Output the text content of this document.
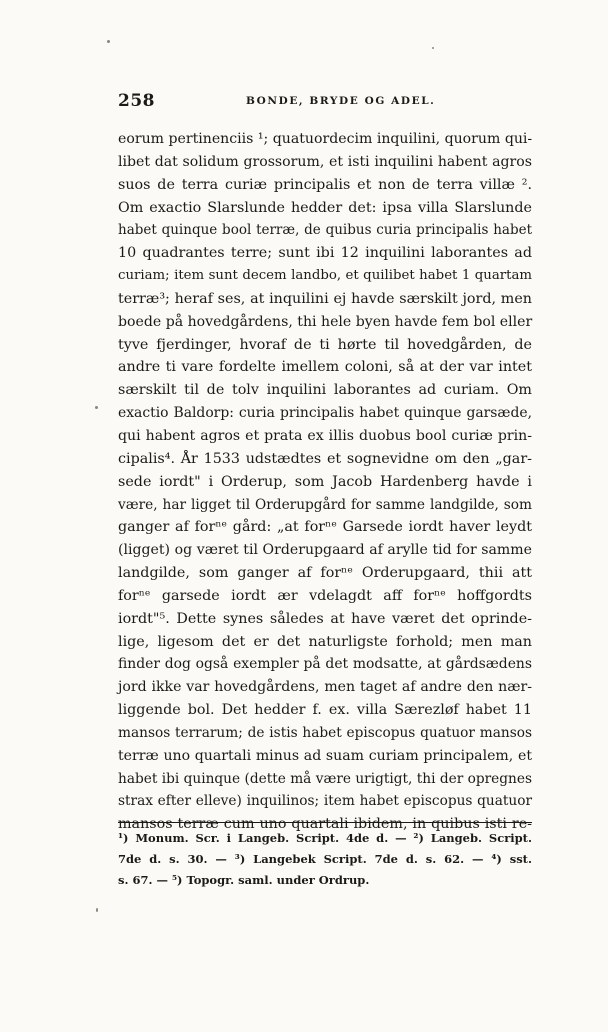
258	BONDE, BRYDE OG ADEL.
eorum pertinenciis ¹; quatuordecim inquilini, quorum qui-
libet dat solidum grossorum, et isti inquilini habent agros
suos de terra curiæ principalis et non de terra villæ ².
Om exactio Slarslunde hedder det: ipsa villa Slarslunde
habet quinque bool terræ, de quibus curia principalis habet
10 quadrantes terre; sunt ibi 12 inquilini laborantes ad
curiam; item sunt decem landbo, et quilibet habet 1 quartam
terræ³; heraf ses, at inquilini ej havde særskilt jord, men
boede på hovedgårdens, thi hele byen havde fem bol eller
tyve fjerdinger, hvoraf de ti hørte til hovedgården, de
andre ti vare fordelte imellem coloni, så at der var intet
særskilt til de tolv inquilini laborantes ad curiam. Om
exactio Baldorp: curia principalis habet quinque garsæde,
qui habent agros et prata ex illis duobus bool curiæ prin-
cipalis⁴. År 1533 udstædtes et sognevidne om den „gar-
sede iordt" i Orderup, som Jacob Hardenberg havde i
være, har ligget til Orderupgård for samme landgilde, som
ganger af forⁿᵉ gård: „at forⁿᵉ Garsede iordt haver leydt
(ligget) og været til Orderupgaard af arylle tid for samme
landgilde, som ganger af forⁿᵉ Orderupgaard, thii att
forⁿᵉ garsede iordt ær vdelagdt aff forⁿᵉ hoffgordts
iordt"⁵. Dette synes således at have været det oprinde-
lige, ligesom det er det naturligste forhold; men man
finder dog også exempler på det modsatte, at gårdsædens
jord ikke var hovedgårdens, men taget af andre den nær-
liggende bol. Det hedder f. ex. villa Særezløf habet 11
mansos terrarum; de istis habet episcopus quatuor mansos
terræ uno quartali minus ad suam curiam principalem, et
habet ibi quinque (dette må være urigtigt, thi der opregnes
strax efter elleve) inquilinos; item habet episcopus quatuor
mansos terræ cum uno quartali ibidem, in quibus isti re-
¹) Monum. Scr. i Langeb. Script. 4de d. — ²) Langeb. Script.
7de d. s. 30. — ³) Langebek Script. 7de d. s. 62. — ⁴) sst.
s. 67. — ⁵) Topogr. saml. under Ordrup.
